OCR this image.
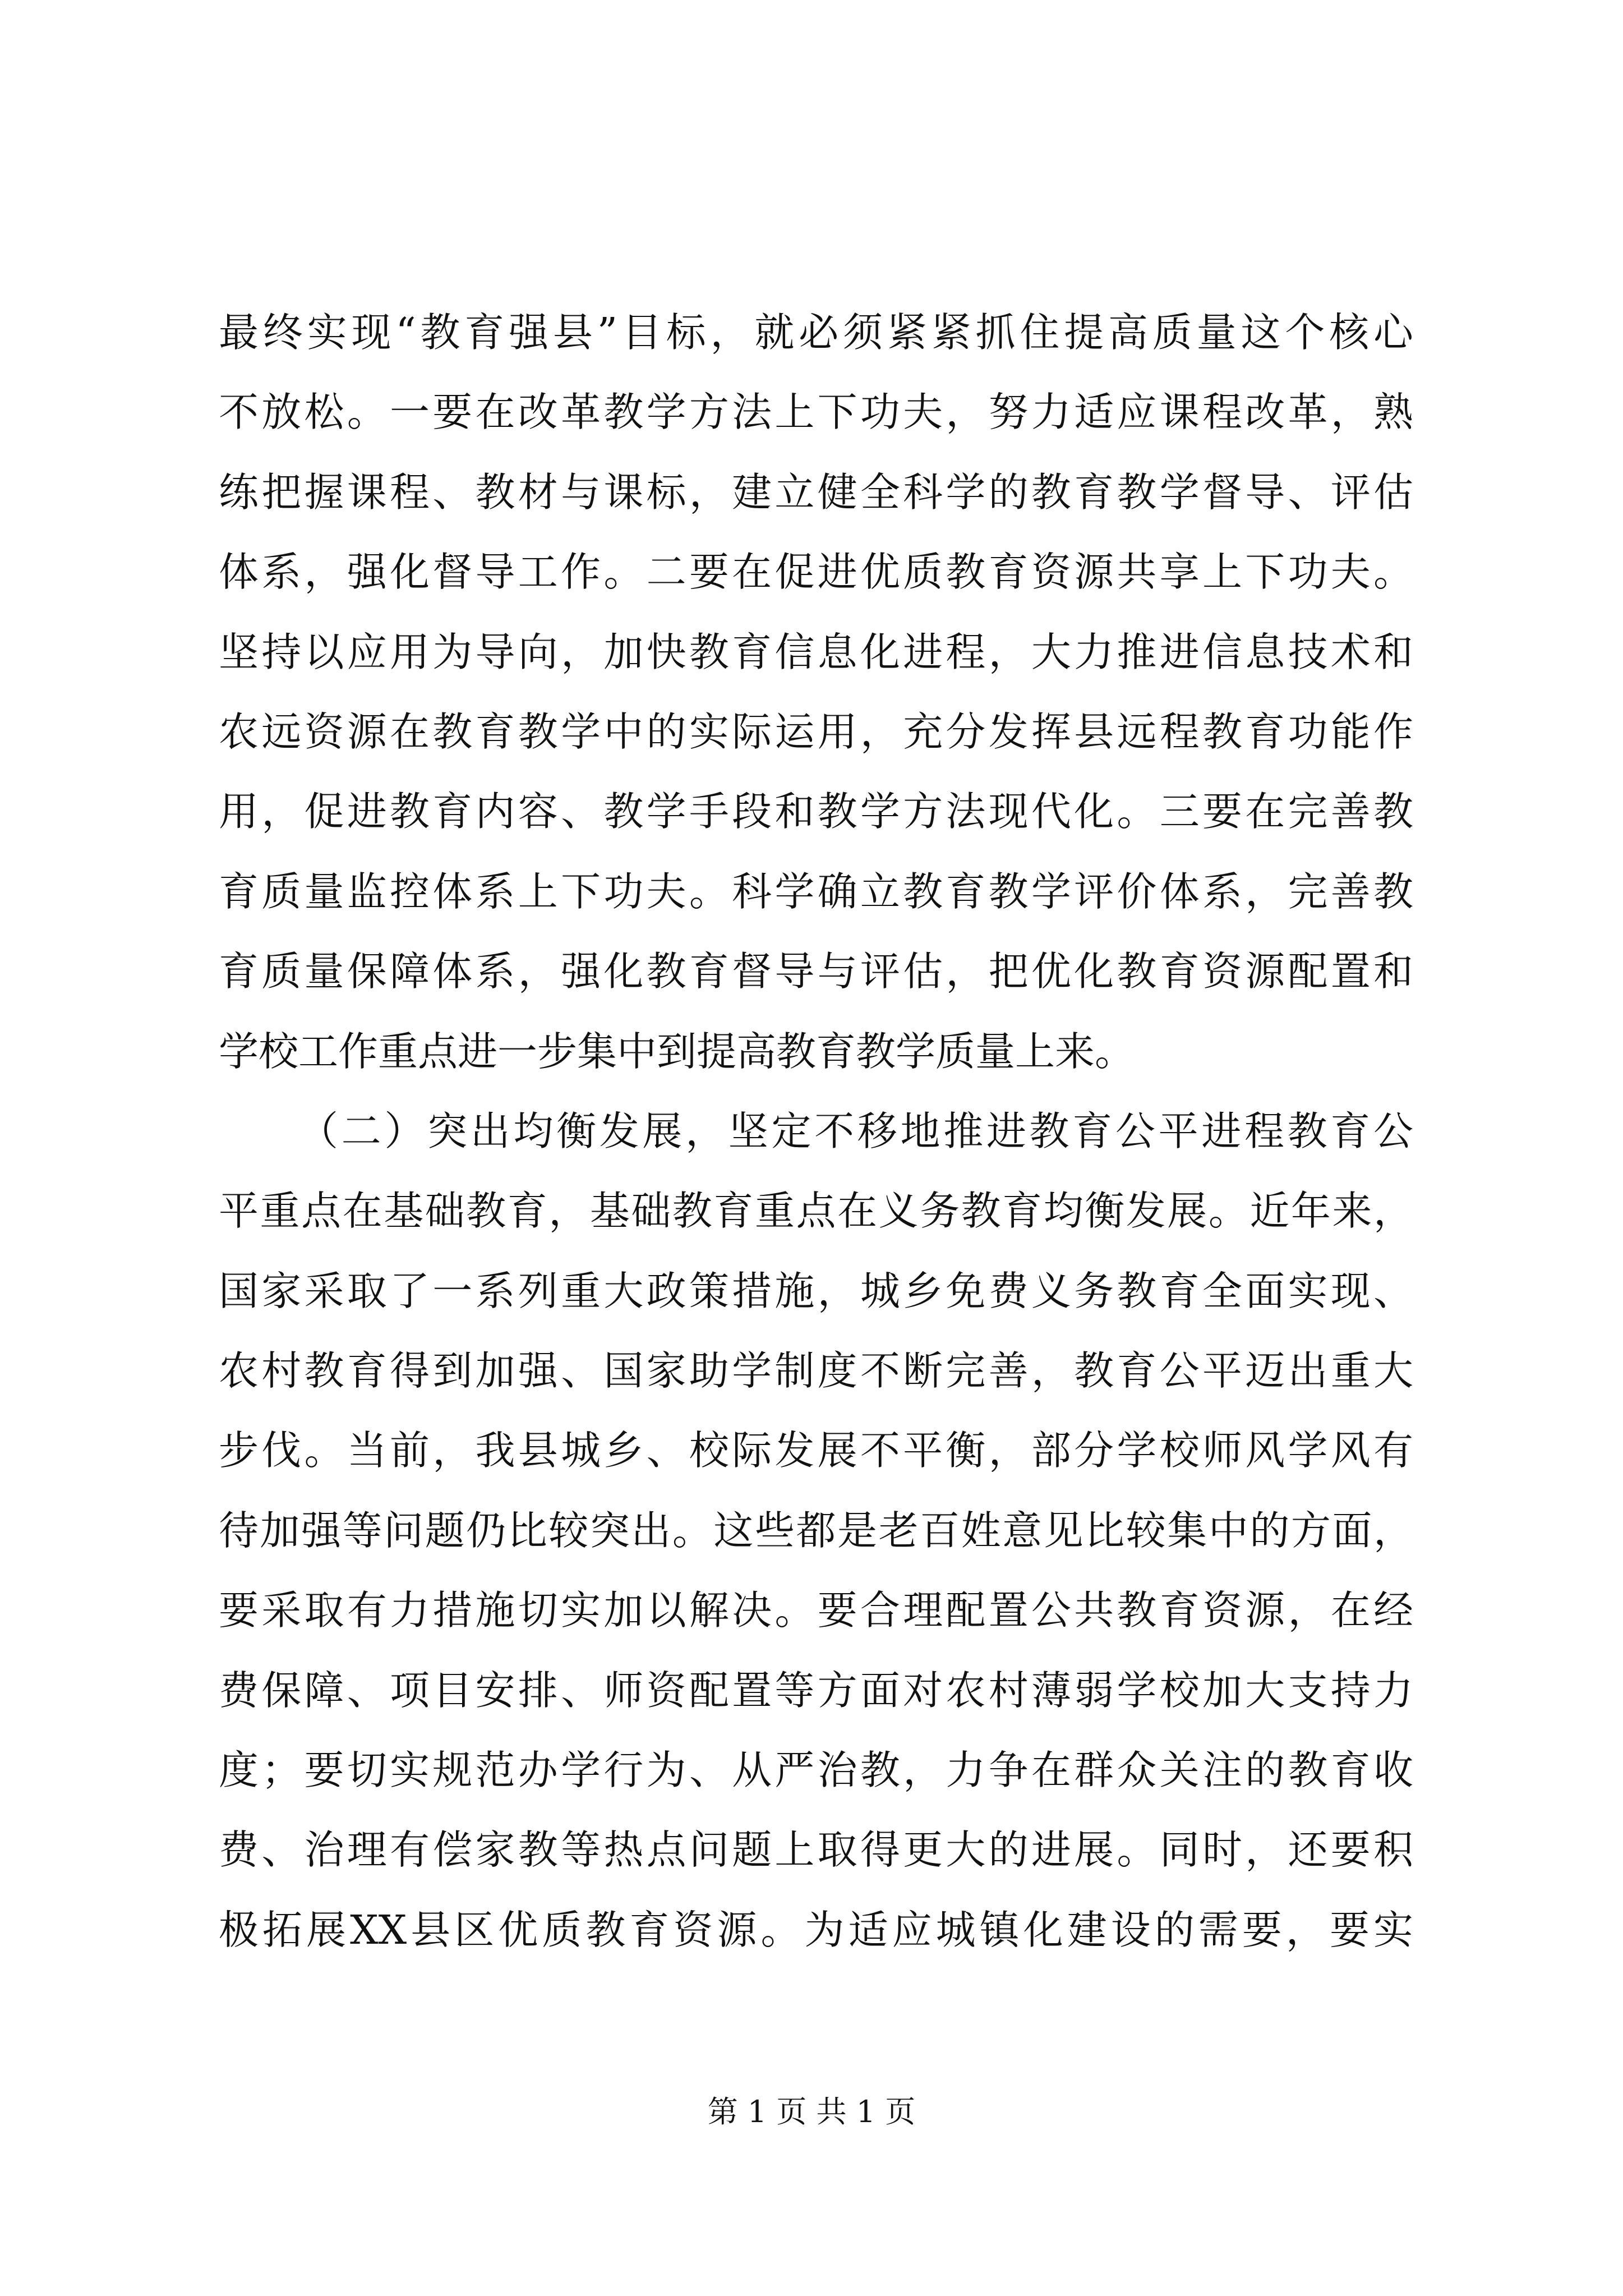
最终实现“教育强县”目标，就必须紧紧抓住提高质量这个核心
不放松。一要在改革教学方法上下功夫，努力适应课程改革，熟
练把握课程、教材与课标，建立健全科学的教育教学督导、评估
体系，强化督导工作。二要在促进优质教育资源共享上下功夫。
坚持以应用为导向，加快教育信息化进程，大力推进信息技术和
农远资源在教育教学中的实际运用，充分发挥县远程教育功能作
用，促进教育内容、教学手段和教学方法现代化。三要在完善教
育质量监控体系上下功夫。科学确立教育教学评价体系，完善教
育质量保障体系，强化教育督导与评估，把优化教育资源配置和
学校工作重点进一步集中到提高教育教学质量上来。
（二）突出均衡发展，坚定不移地推进教育公平进程教育公
平重点在基础教育，基础教育重点在义务教育均衡发展。近年来，
国家采取了一系列重大政策措施，城乡免费义务教育全面实现、
农村教育得到加强、国家助学制度不断完善，教育公平迈出重大
步伐。当前，我县城乡、校际发展不平衡，部分学校师风学风有
待加强等问题仍比较突出。这些都是老百姓意见比较集中的方面，
要采取有力措施切实加以解决。要合理配置公共教育资源，在经
费保障、项目安排、师资配置等方面对农村薄弱学校加大支持力
度；要切实规范办学行为、从严治教，力争在群众关注的教育收
费、治理有偿家教等热点问题上取得更大的进展。同时，还要积
极拓展XX县区优质教育资源。为适应城镇化建设的需要，要实
第 1 页 共 1 页
